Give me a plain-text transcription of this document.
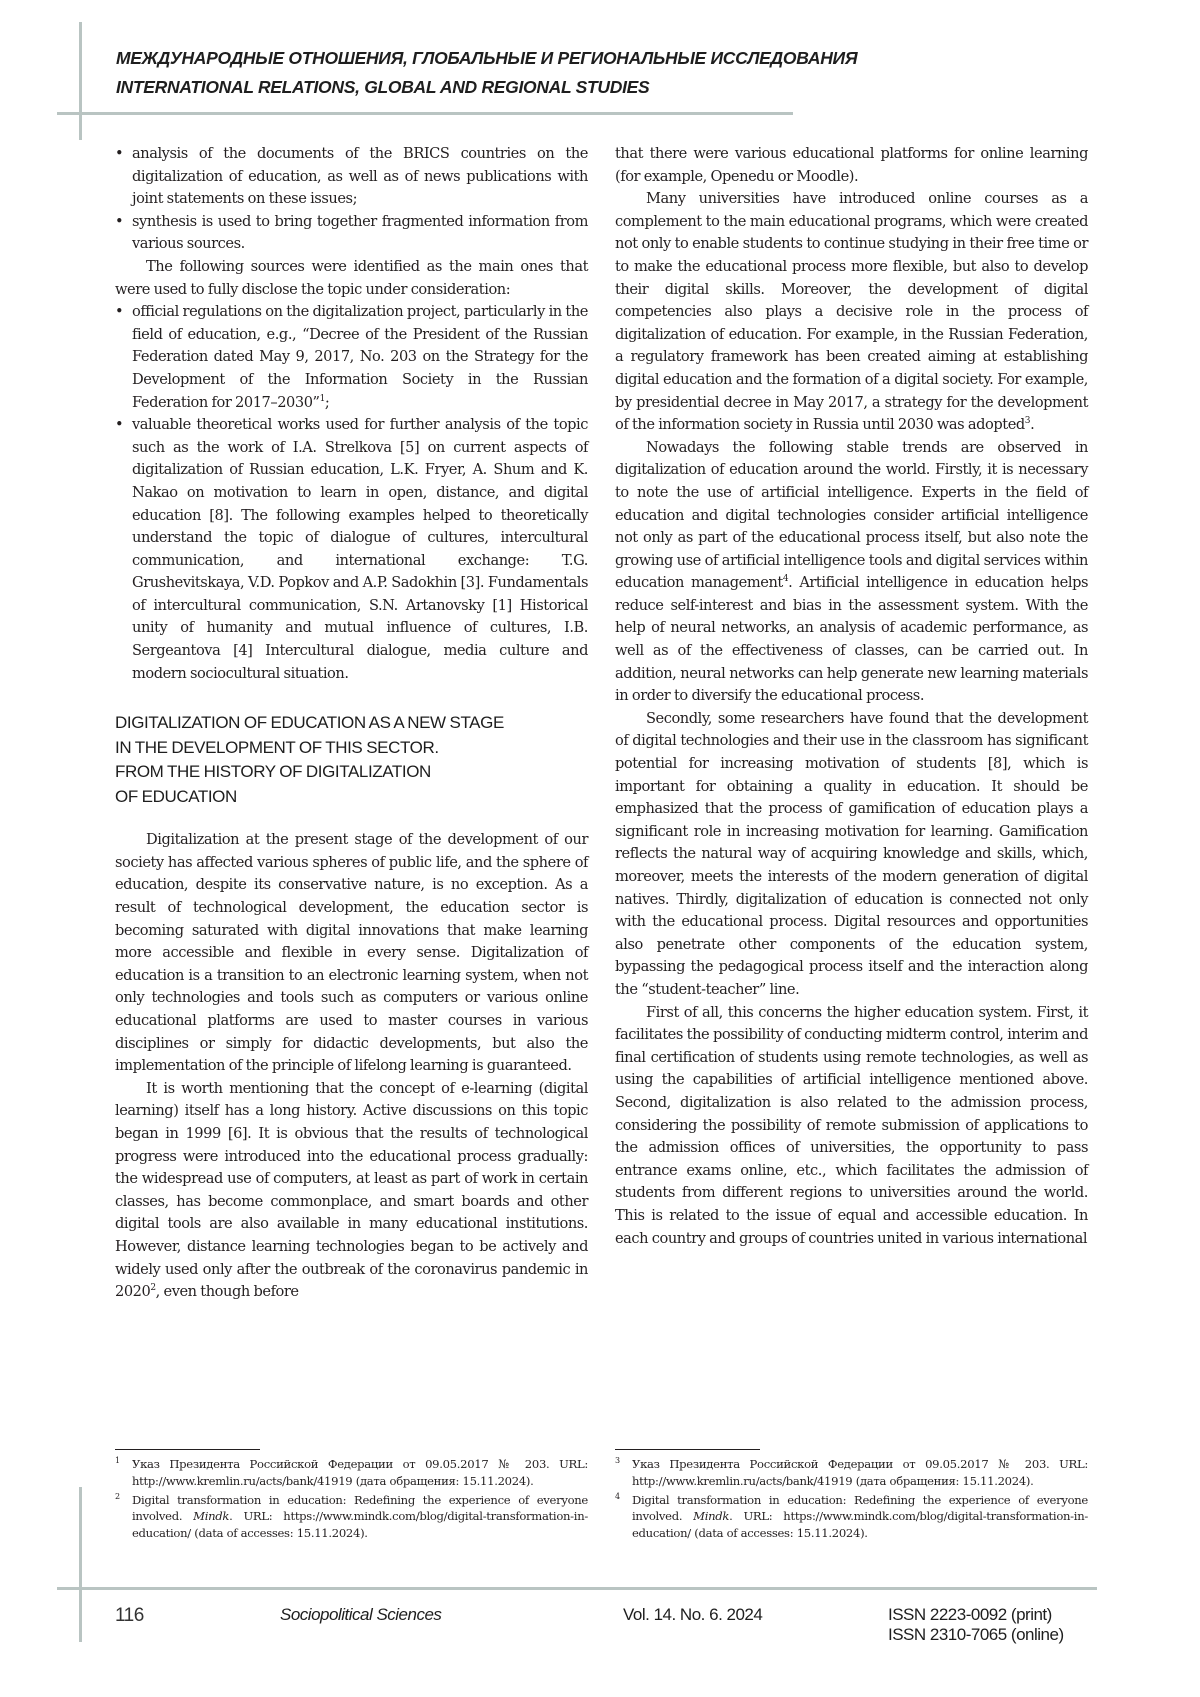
МЕЖДУНАРОДНЫЕ ОТНОШЕНИЯ, ГЛОБАЛЬНЫЕ И РЕГИОНАЛЬНЫЕ ИССЛЕДОВАНИЯ
INTERNATIONAL RELATIONS, GLOBAL AND REGIONAL STUDIES
• analysis of the documents of the BRICS countries on the digitalization of education, as well as of news publications with joint statements on these issues;
• synthesis is used to bring together fragmented information from various sources.

The following sources were identified as the main ones that were used to fully disclose the topic under consideration:

• official regulations on the digitalization project, particularly in the field of education, e.g., “Decree of the President of the Russian Federation dated May 9, 2017, No. 203 on the Strategy for the Development of the Information Society in the Russian Federation for 2017–2030”$^1$;
• valuable theoretical works used for further analysis of the topic such as the work of I.A. Strelkova [5] on current aspects of digitalization of Russian education, L.K. Fryer, A. Shum and K. Nakao on motivation to learn in open, distance, and digital education [8]. The following examples helped to theoretically understand the topic of dialogue of cultures, intercultural communication, and international exchange: T.G. Grushevitskaya, V.D. Popkov and A.P. Sadokhin [3]. Fundamentals of intercultural communication, S.N. Artanovsky [1] Historical unity of humanity and mutual influence of cultures, I.B. Sergeantova [4] Intercultural dialogue, media culture and modern sociocultural situation.

DIGITALIZATION OF EDUCATION AS A NEW STAGE
IN THE DEVELOPMENT OF THIS SECTOR.
FROM THE HISTORY OF DIGITALIZATION
OF EDUCATION

Digitalization at the present stage of the development of our society has affected various spheres of public life, and the sphere of education, despite its conservative nature, is no exception. As a result of technological development, the education sector is becoming saturated with digital innovations that make learning more accessible and flexible in every sense. Digitalization of education is a transition to an electronic learning system, when not only technologies and tools such as computers or various online educational platforms are used to master courses in various disciplines or simply for didactic developments, but also the implementation of the principle of lifelong learning is guaranteed.

It is worth mentioning that the concept of e-learning (digital learning) itself has a long history. Active discussions on this topic began in 1999 [6]. It is obvious that the results of technological progress were introduced into the educational process gradually: the widespread use of computers, at least as part of work in certain classes, has become commonplace, and smart boards and other digital tools are also available in many educational institutions. However, distance learning technologies began to be actively and widely used only after the outbreak of the coronavirus pandemic in 2020$^2$, even though before

that there were various educational platforms for online learning (for example, Openedu or Moodle).

Many universities have introduced online courses as a complement to the main educational programs, which were created not only to enable students to continue studying in their free time or to make the educational process more flexible, but also to develop their digital skills. Moreover, the development of digital competencies also plays a decisive role in the process of digitalization of education. For example, in the Russian Federation, a regulatory framework has been created aiming at establishing digital education and the formation of a digital society. For example, by presidential decree in May 2017, a strategy for the development of the information society in Russia until 2030 was adopted$^3$.

Nowadays the following stable trends are observed in digitalization of education around the world. Firstly, it is necessary to note the use of artificial intelligence. Experts in the field of education and digital technologies consider artificial intelligence not only as part of the educational process itself, but also note the growing use of artificial intelligence tools and digital services within education management$^4$. Artificial intelligence in education helps reduce self-interest and bias in the assessment system. With the help of neural networks, an analysis of academic performance, as well as of the effectiveness of classes, can be carried out. In addition, neural networks can help generate new learning materials in order to diversify the educational process.

Secondly, some researchers have found that the development of digital technologies and their use in the classroom has significant potential for increasing motivation of students [8], which is important for obtaining a quality in education. It should be emphasized that the process of gamification of education plays a significant role in increasing motivation for learning. Gamification reflects the natural way of acquiring knowledge and skills, which, moreover, meets the interests of the modern generation of digital natives. Thirdly, digitalization of education is connected not only with the educational process. Digital resources and opportunities also penetrate other components of the education system, bypassing the pedagogical process itself and the interaction along the “student-teacher” line.

First of all, this concerns the higher education system. First, it facilitates the possibility of conducting midterm control, interim and final certification of students using remote technologies, as well as using the capabilities of artificial intelligence mentioned above. Second, digitalization is also related to the admission process, considering the possibility of remote submission of applications to the admission offices of universities, the opportunity to pass entrance exams online, etc., which facilitates the admission of students from different regions to universities around the world. This is related to the issue of equal and accessible education. In each country and groups of countries united in various international

1 Указ Президента Российской Федерации от 09.05.2017 № 203. URL: http://www.kremlin.ru/acts/bank/41919 (дата обращения: 15.11.2024).
2 Digital transformation in education: Redefining the experience of everyone involved. Mindk. URL: https://www.mindk.com/blog/digital-transformation-in-education/ (data of accesses: 15.11.2024).
3 Указ Президента Российской Федерации от 09.05.2017 № 203. URL: http://www.kremlin.ru/acts/bank/41919 (дата обращения: 15.11.2024).
4 Digital transformation in education: Redefining the experience of everyone involved. Mindk. URL: https://www.mindk.com/blog/digital-transformation-in-education/ (data of accesses: 15.11.2024).
116	Sociopolitical Sciences	Vol. 14. No. 6. 2024	ISSN 2223-0092 (print)
ISSN 2310-7065 (online)
